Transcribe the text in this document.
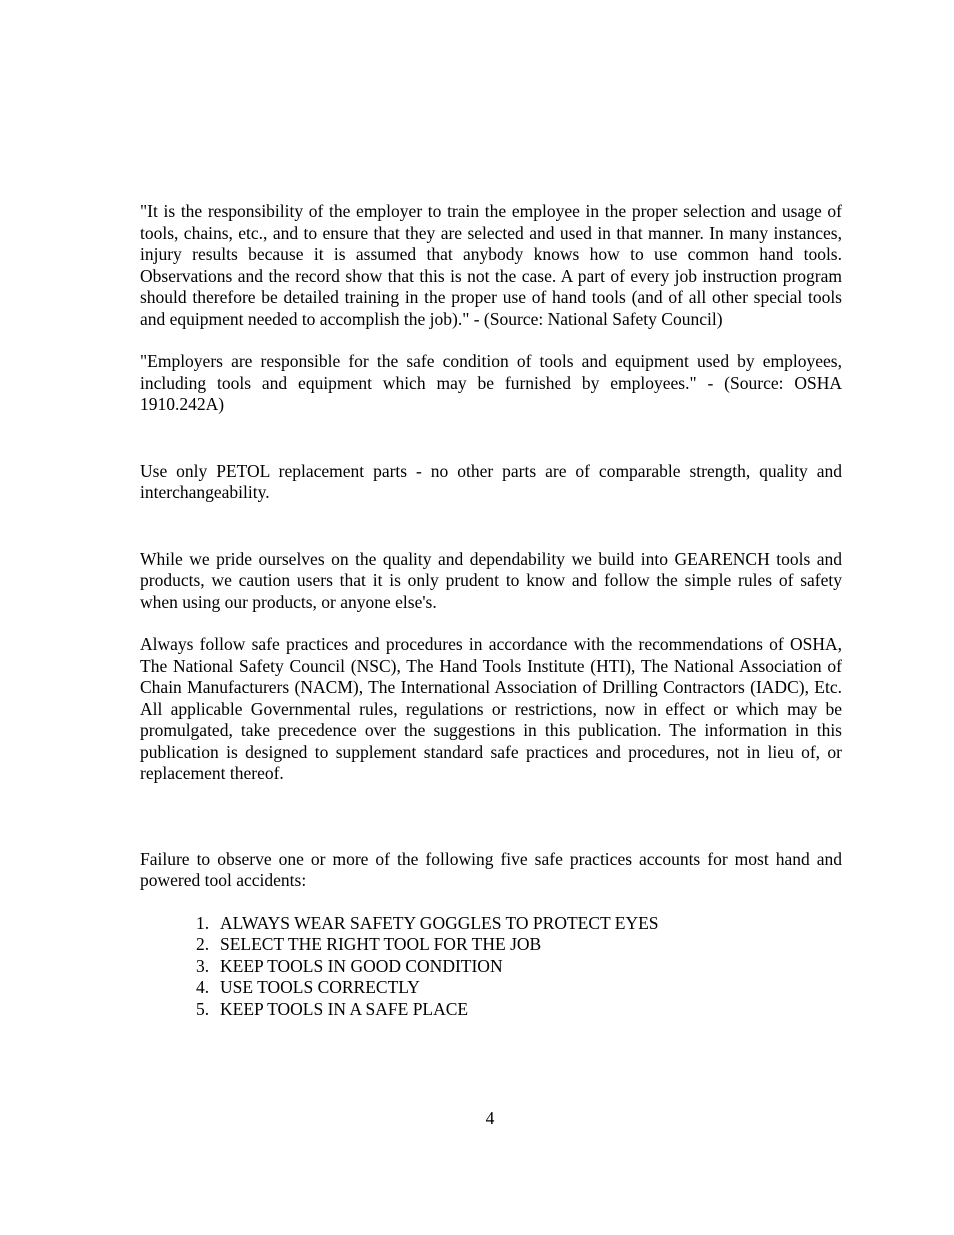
"It is the responsibility of the employer to train the employee in the proper selection and usage of tools, chains, etc., and to ensure that they are selected and used in that manner. In many instances, injury results because it is assumed that anybody knows how to use common hand tools. Observations and the record show that this is not the case. A part of every job instruction program should therefore be detailed training in the proper use of hand tools (and of all other special tools and equipment needed to accomplish the job)." - (Source: National Safety Council)

"Employers are responsible for the safe condition of tools and equipment used by employees, including tools and equipment which may be furnished by employees." - (Source: OSHA 1910.242A)

Use only PETOL replacement parts - no other parts are of comparable strength, quality and interchangeability.

While we pride ourselves on the quality and dependability we build into GEARENCH tools and products, we caution users that it is only prudent to know and follow the simple rules of safety when using our products, or anyone else's.

Always follow safe practices and procedures in accordance with the recommendations of OSHA, The National Safety Council (NSC), The Hand Tools Institute (HTI), The National Association of Chain Manufacturers (NACM), The International Association of Drilling Contractors (IADC), Etc. All applicable Governmental rules, regulations or restrictions, now in effect or which may be promulgated, take precedence over the suggestions in this publication. The information in this publication is designed to supplement standard safe practices and procedures, not in lieu of, or replacement thereof.

Failure to observe one or more of the following five safe practices accounts for most hand and powered tool accidents:

1. ALWAYS WEAR SAFETY GOGGLES TO PROTECT EYES
2. SELECT THE RIGHT TOOL FOR THE JOB
3. KEEP TOOLS IN GOOD CONDITION
4. USE TOOLS CORRECTLY
5. KEEP TOOLS IN A SAFE PLACE
4
